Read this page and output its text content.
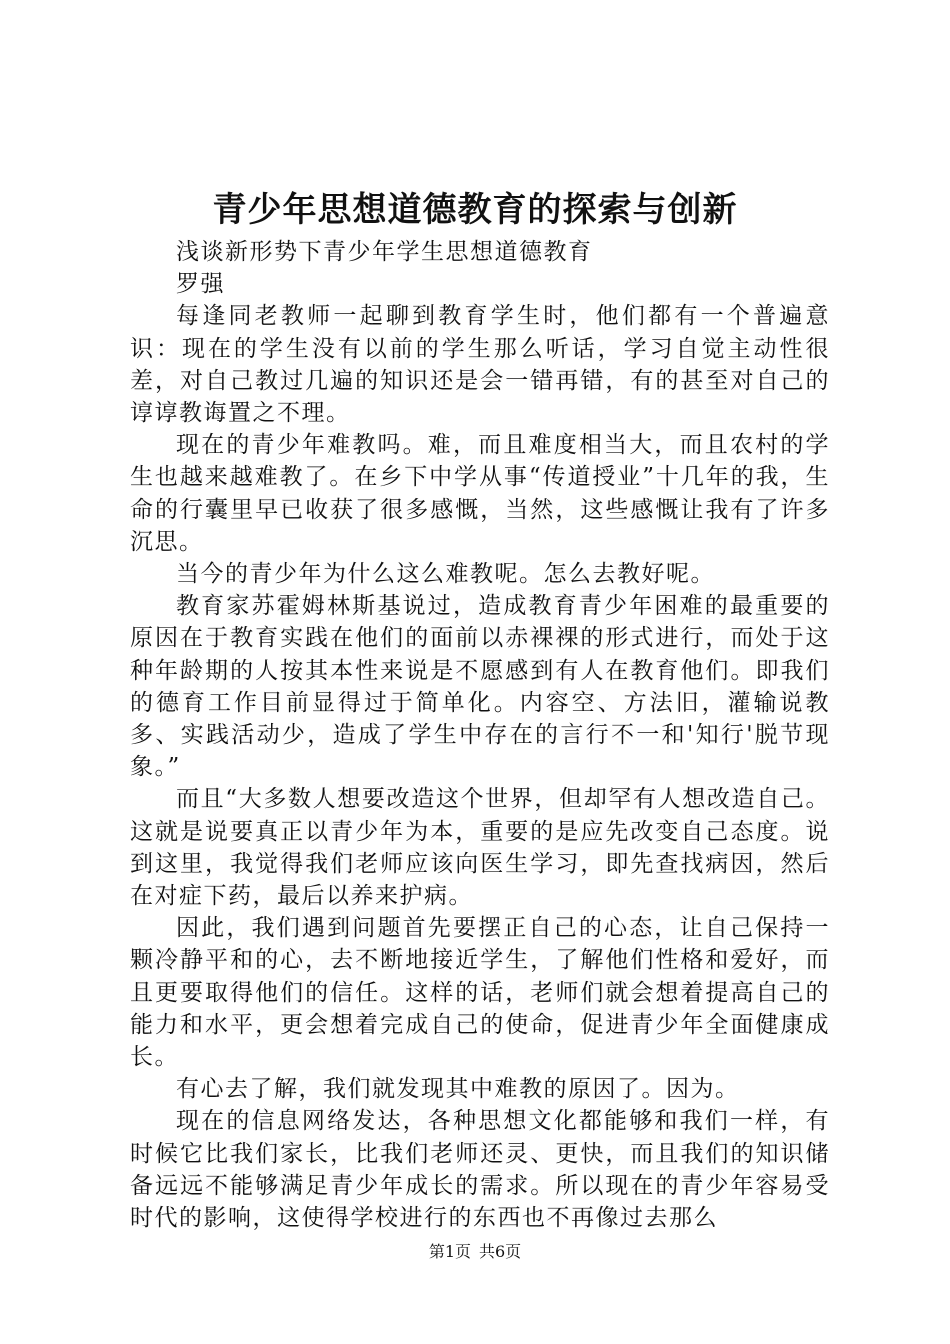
青少年思想道德教育的探索与创新

浅谈新形势下青少年学生思想道德教育

罗强

每逢同老教师一起聊到教育学生时，他们都有一个普遍意识：现在的学生没有以前的学生那么听话，学习自觉主动性很差，对自己教过几遍的知识还是会一错再错，有的甚至对自己的谆谆教诲置之不理。

现在的青少年难教吗。难，而且难度相当大，而且农村的学生也越来越难教了。在乡下中学从事“传道授业”十几年的我，生命的行囊里早已收获了很多感慨，当然，这些感慨让我有了许多沉思。

当今的青少年为什么这么难教呢。怎么去教好呢。

教育家苏霍姆林斯基说过，造成教育青少年困难的最重要的原因在于教育实践在他们的面前以赤裸裸的形式进行，而处于这种年龄期的人按其本性来说是不愿感到有人在教育他们。即我们的德育工作目前显得过于简单化。内容空、方法旧，灌输说教多、实践活动少，造成了学生中存在的言行不一和'知行'脱节现象。”

而且“大多数人想要改造这个世界，但却罕有人想改造自己。这就是说要真正以青少年为本，重要的是应先改变自己态度。说到这里，我觉得我们老师应该向医生学习，即先查找病因，然后在对症下药，最后以养来护病。

因此，我们遇到问题首先要摆正自己的心态，让自己保持一颗冷静平和的心，去不断地接近学生，了解他们性格和爱好，而且更要取得他们的信任。这样的话，老师们就会想着提高自己的能力和水平，更会想着完成自己的使命，促进青少年全面健康成长。

有心去了解，我们就发现其中难教的原因了。因为。

现在的信息网络发达，各种思想文化都能够和我们一样，有时候它比我们家长，比我们老师还灵、更快，而且我们的知识储备远远不能够满足青少年成长的需求。所以现在的青少年容易受时代的影响，这使得学校进行的东西也不再像过去那么

第1页 共6页
